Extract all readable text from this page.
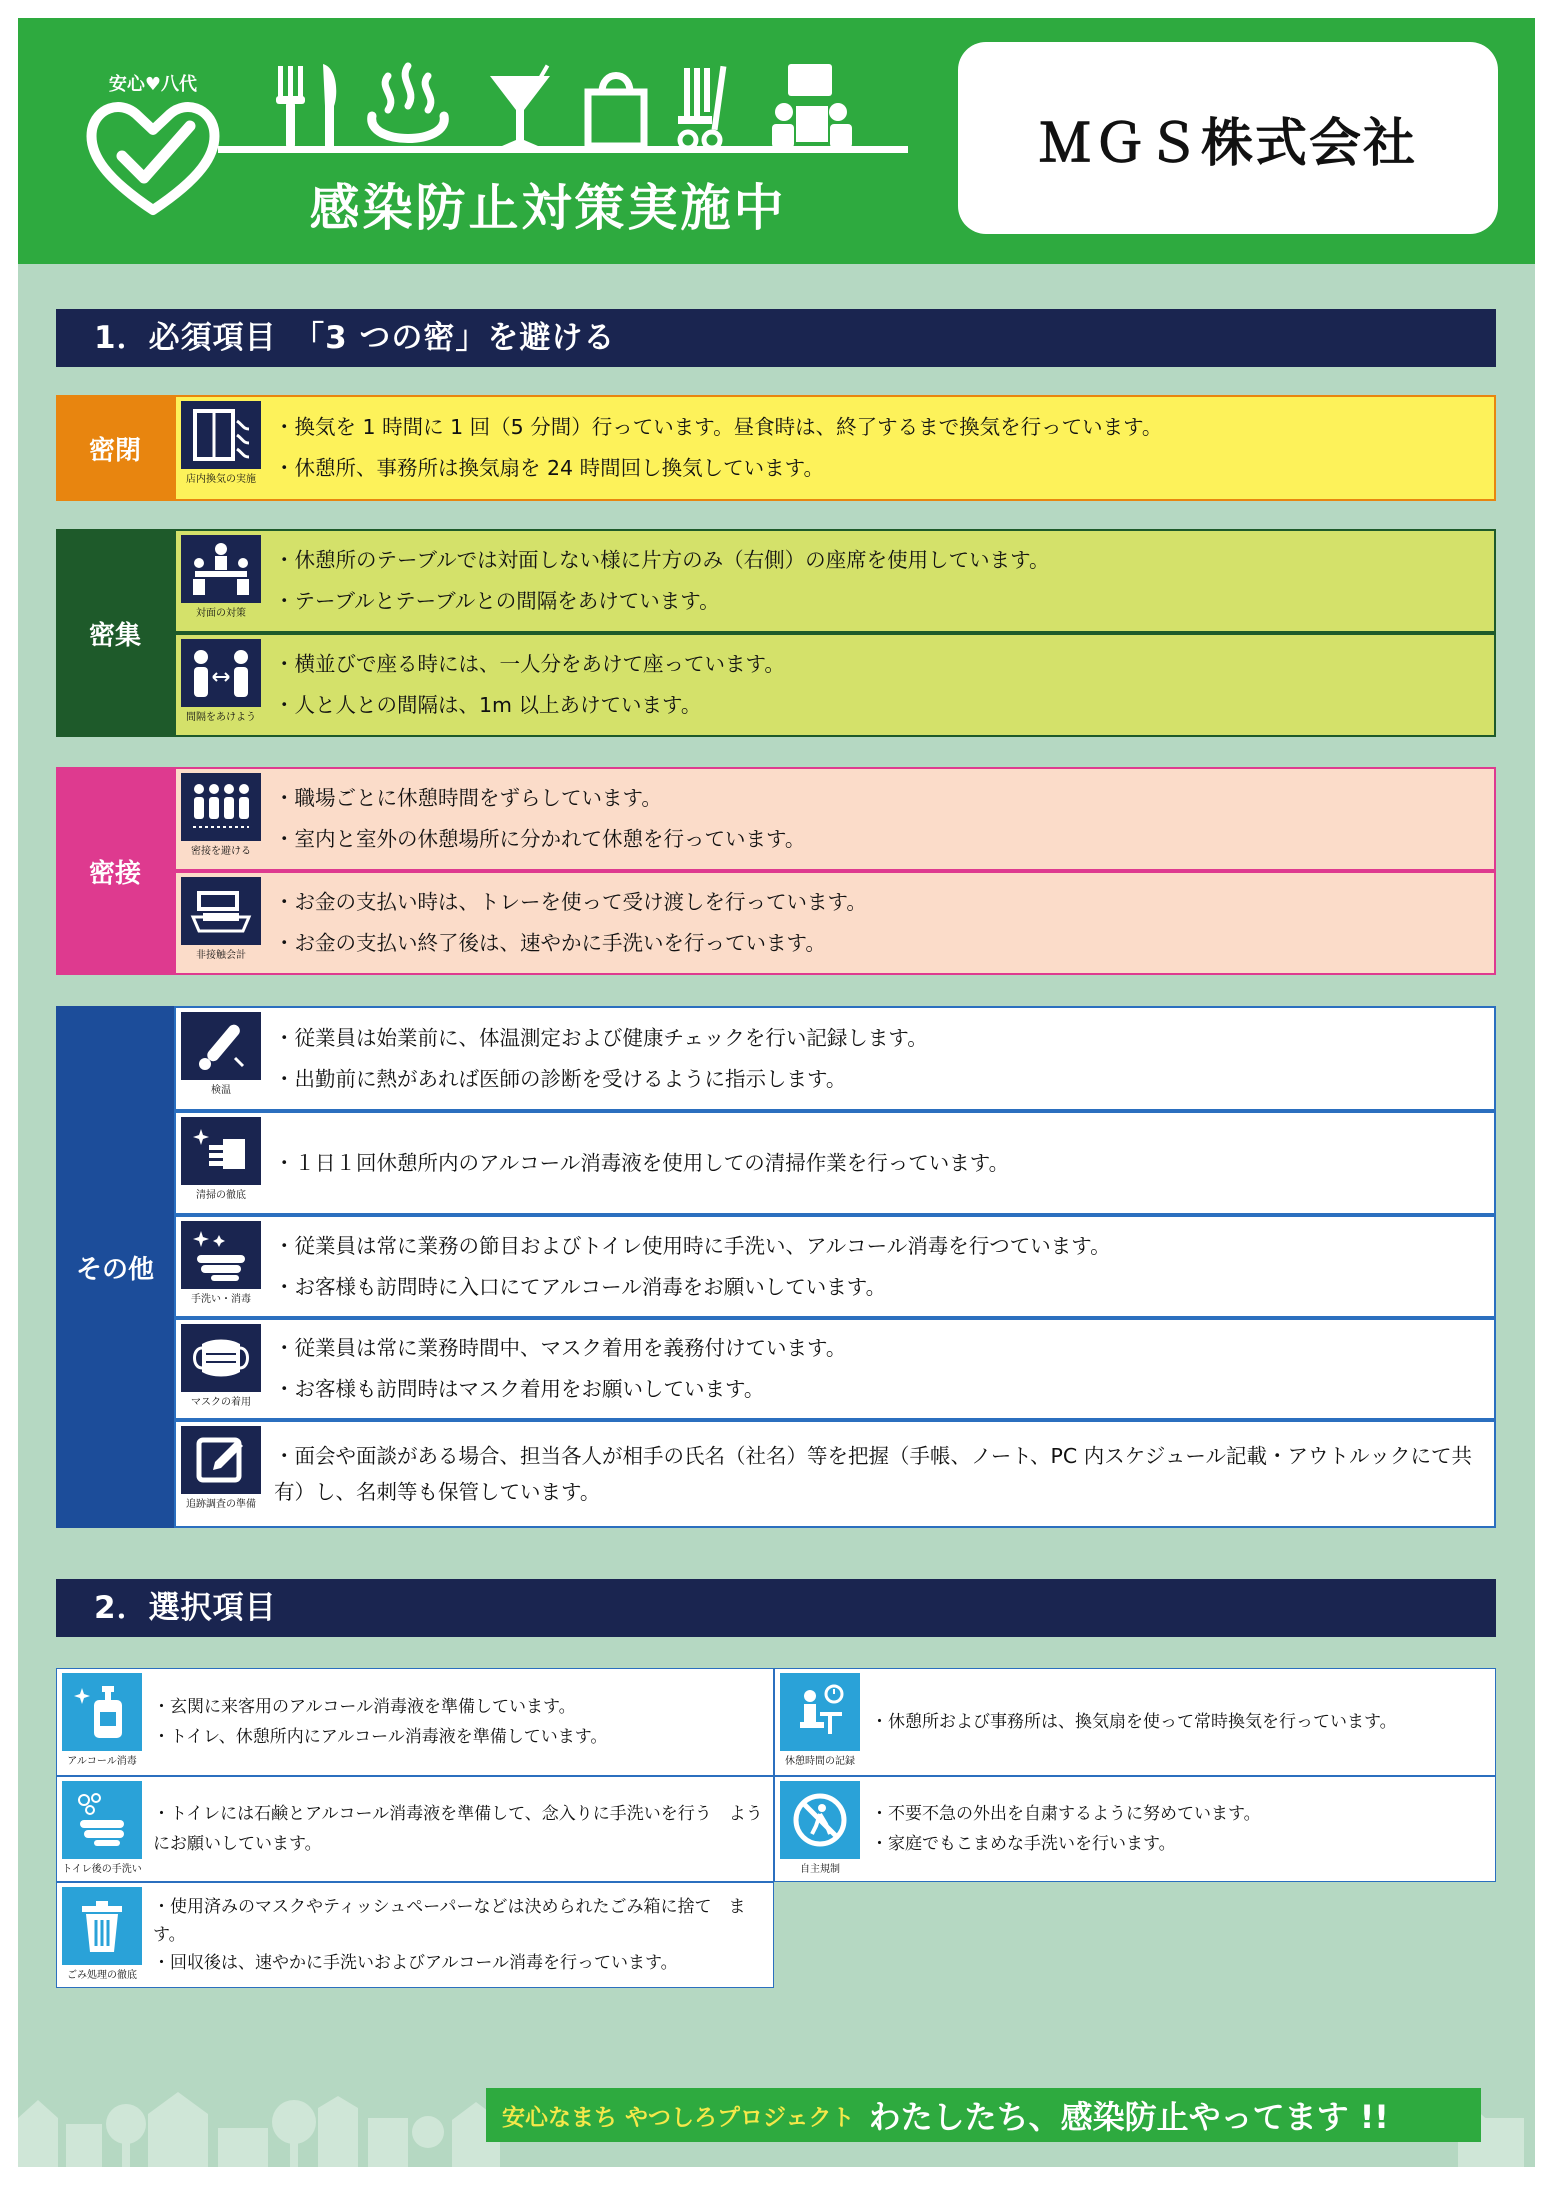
安心♥八代
感染防止対策実施中
ＭＧＳ株式会社
1．必須項目　「3 つの密」を避ける
密閉
店内換気の実施
・換気を 1 時間に 1 回（5 分間）行っています。昼食時は、終了するまで換気を行っています。
・休憩所、事務所は換気扇を 24 時間回し換気しています。
密集
対面の対策
・休憩所のテーブルでは対面しない様に片方のみ（右側）の座席を使用しています。
・テーブルとテーブルとの間隔をあけています。
間隔をあけよう
・横並びで座る時には、一人分をあけて座っています。
・人と人との間隔は、1m 以上あけています。
密接
密接を避ける
・職場ごとに休憩時間をずらしています。
・室内と室外の休憩場所に分かれて休憩を行っています。
非接触会計
・お金の支払い時は、トレーを使って受け渡しを行っています。
・お金の支払い終了後は、速やかに手洗いを行っています。
その他
検温
・従業員は始業前に、体温測定および健康チェックを行い記録します。
・出勤前に熱があれば医師の診断を受けるように指示します。
清掃の徹底
・１日１回休憩所内のアルコール消毒液を使用しての清掃作業を行っています。
手洗い・消毒
・従業員は常に業務の節目およびトイレ使用時に手洗い、アルコール消毒を行つています。
・お客様も訪問時に入口にてアルコール消毒をお願いしています。
マスクの着用
・従業員は常に業務時間中、マスク着用を義務付けています。
・お客様も訪問時はマスク着用をお願いしています。
追跡調査の準備
・面会や面談がある場合、担当各人が相手の氏名（社名）等を把握（手帳、ノート、PC 内スケジュール記載・アウトルックにて共有）し、名刺等も保管しています。
2．選択項目
アルコール消毒
・玄関に来客用のアルコール消毒液を準備しています。
・トイレ、休憩所内にアルコール消毒液を準備しています。
休憩時間の記録
・休憩所および事務所は、換気扇を使って常時換気を行っています。
トイレ後の手洗い
・トイレには石鹸とアルコール消毒液を準備して、念入りに手洗いを行う　ようにお願いしています。
自主規制
・不要不急の外出を自粛するように努めています。
・家庭でもこまめな手洗いを行います。
ごみ処理の徹底
・使用済みのマスクやティッシュペーパーなどは決められたごみ箱に捨て　ます。
・回収後は、速やかに手洗いおよびアルコール消毒を行っています。
安心なまち やつしろプロジェクト わたしたち、感染防止やってます !!
